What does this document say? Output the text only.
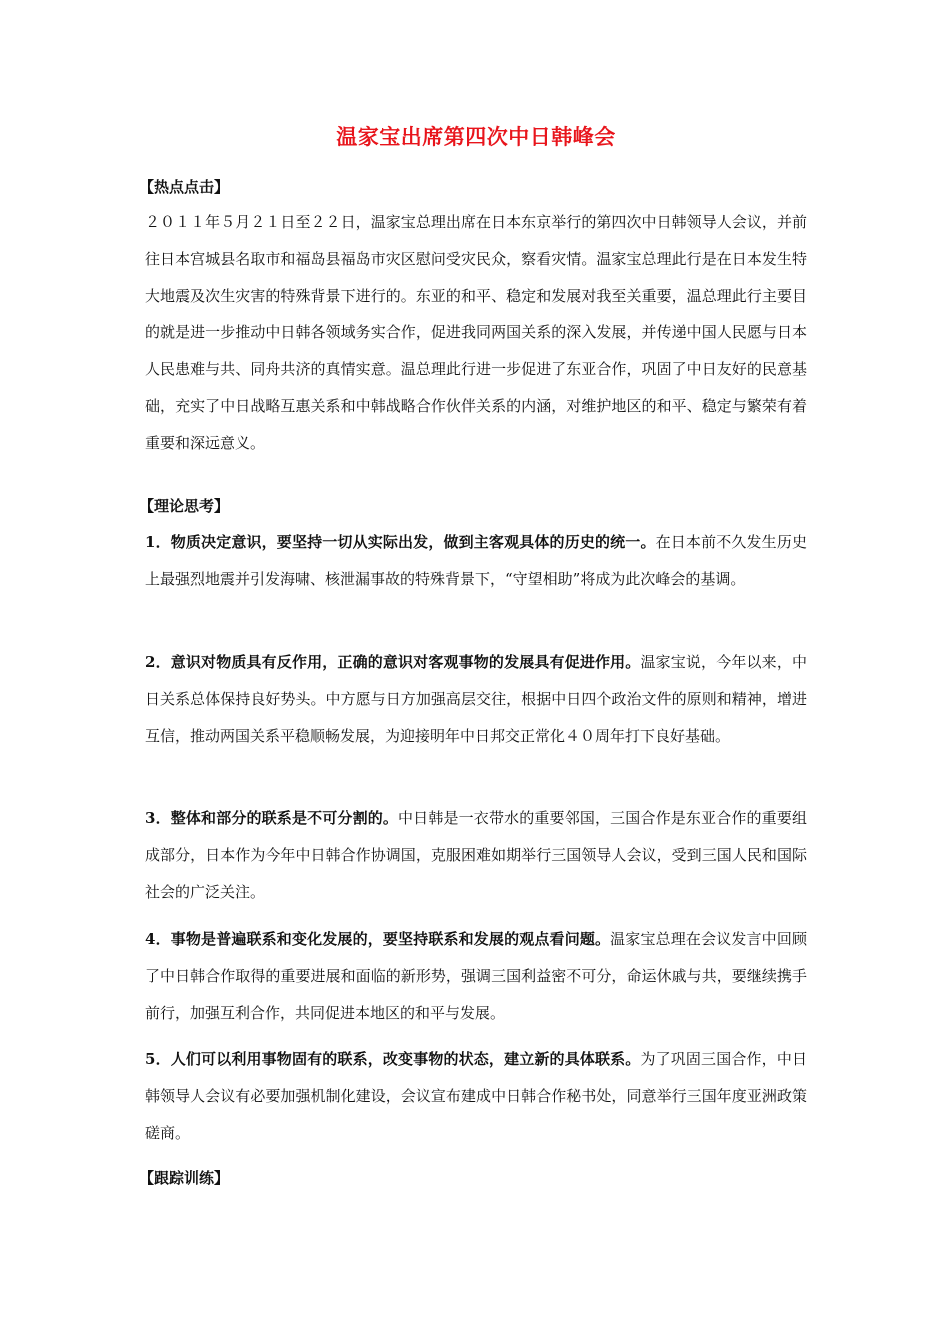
温家宝出席第四次中日韩峰会
【热点点击】
２０１１年５月２１日至２２日，温家宝总理出席在日本东京举行的第四次中日韩领导人会议，并前往日本宫城县名取市和福岛县福岛市灾区慰问受灾民众，察看灾情。温家宝总理此行是在日本发生特大地震及次生灾害的特殊背景下进行的。东亚的和平、稳定和发展对我至关重要，温总理此行主要目的就是进一步推动中日韩各领域务实合作，促进我同两国关系的深入发展，并传递中国人民愿与日本人民患难与共、同舟共济的真情实意。温总理此行进一步促进了东亚合作，巩固了中日友好的民意基础，充实了中日战略互惠关系和中韩战略合作伙伴关系的内涵，对维护地区的和平、稳定与繁荣有着重要和深远意义。
【理论思考】
1．物质决定意识，要坚持一切从实际出发，做到主客观具体的历史的统一。在日本前不久发生历史上最强烈地震并引发海啸、核泄漏事故的特殊背景下，“守望相助”将成为此次峰会的基调。
2．意识对物质具有反作用，正确的意识对客观事物的发展具有促进作用。温家宝说，今年以来，中日关系总体保持良好势头。中方愿与日方加强高层交往，根据中日四个政治文件的原则和精神，增进互信，推动两国关系平稳顺畅发展，为迎接明年中日邦交正常化４０周年打下良好基础。
3．整体和部分的联系是不可分割的。中日韩是一衣带水的重要邻国，三国合作是东亚合作的重要组成部分，日本作为今年中日韩合作协调国，克服困难如期举行三国领导人会议，受到三国人民和国际社会的广泛关注。
4．事物是普遍联系和变化发展的，要坚持联系和发展的观点看问题。温家宝总理在会议发言中回顾了中日韩合作取得的重要进展和面临的新形势，强调三国利益密不可分，命运休戚与共，要继续携手前行，加强互利合作，共同促进本地区的和平与发展。
5．人们可以利用事物固有的联系，改变事物的状态，建立新的具体联系。为了巩固三国合作，中日韩领导人会议有必要加强机制化建设，会议宣布建成中日韩合作秘书处，同意举行三国年度亚洲政策磋商。
【跟踪训练】
